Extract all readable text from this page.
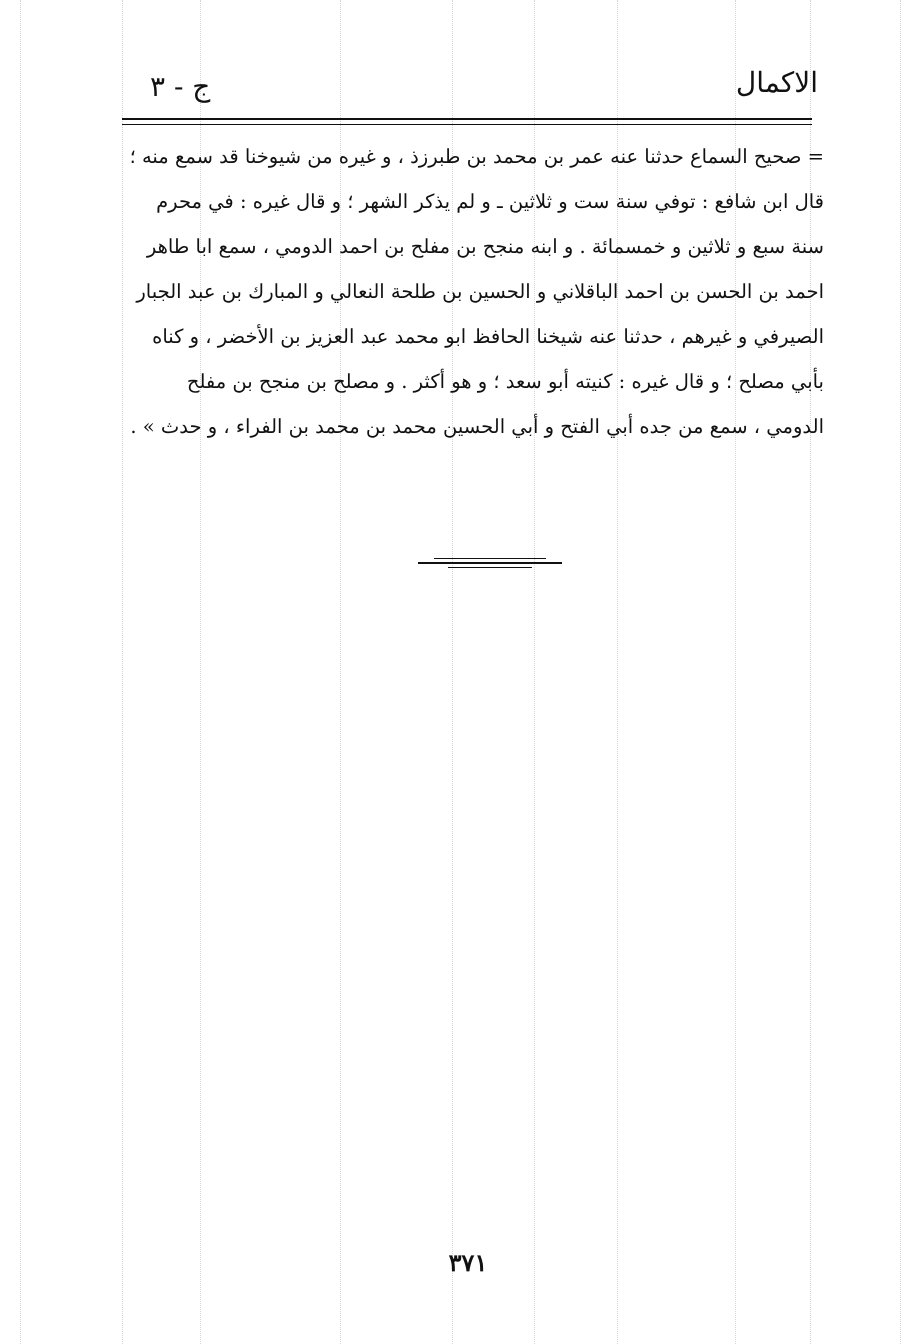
الاكمال
ج - ٣

= صحيح السماع حدثنا عنه عمر بن محمد بن طبرزذ ، و غيره من شيوخنا قد سمع منه ؛

قال ابن شافع : توفي سنة ست و ثلاثين ـ و لم يذكر الشهر ؛ و قال غيره : في محرم

سنة سبع و ثلاثين و خمسمائة . و ابنه منجح بن مفلح بن احمد الدومي ، سمع ابا طاهر

احمد بن الحسن بن احمد الباقلاني و الحسين بن طلحة النعالي و المبارك بن عبد الجبار

الصيرفي و غيرهم ، حدثنا عنه شيخنا الحافظ ابو محمد عبد العزيز بن الأخضر ، و كناه

بأبي مصلح ؛ و قال غيره : كنيته أبو سعد ؛ و هو أكثر . و مصلح بن منجح بن مفلح

الدومي ، سمع من جده أبي الفتح و أبي الحسين محمد بن محمد بن الفراء ، و حدث » .

٣٧١
